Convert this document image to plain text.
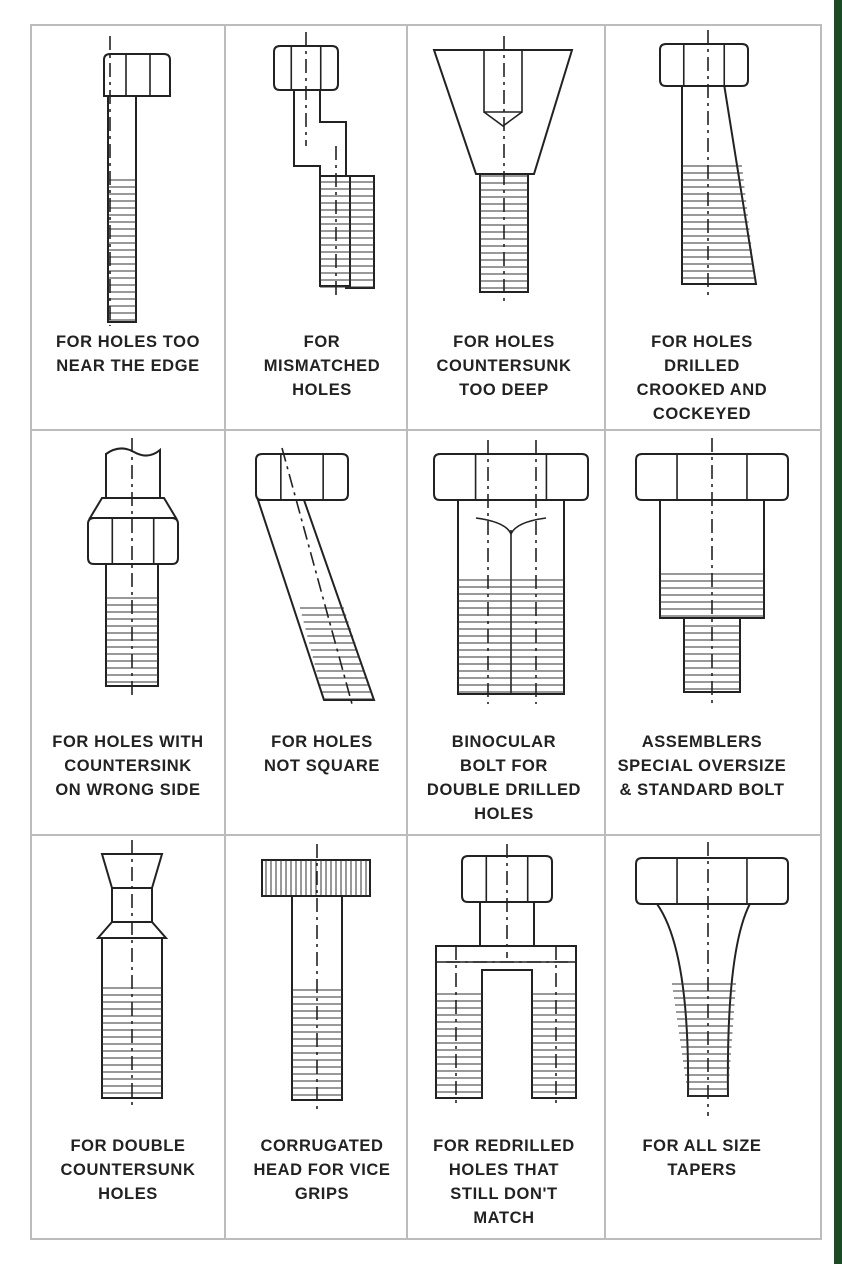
FOR HOLES TOO
NEAR THE EDGE
FOR
MISMATCHED
HOLES
FOR HOLES
COUNTERSUNK
TOO DEEP
FOR HOLES
DRILLED
CROOKED AND
COCKEYED
FOR HOLES WITH
COUNTERSINK
ON WRONG SIDE
FOR HOLES
NOT SQUARE
BINOCULAR
BOLT FOR
DOUBLE DRILLED
HOLES
ASSEMBLERS
SPECIAL OVERSIZE
& STANDARD BOLT
FOR DOUBLE
COUNTERSUNK
HOLES
CORRUGATED
HEAD FOR VICE
GRIPS
FOR REDRILLED
HOLES THAT
STILL DON'T
MATCH
FOR ALL SIZE
TAPERS
